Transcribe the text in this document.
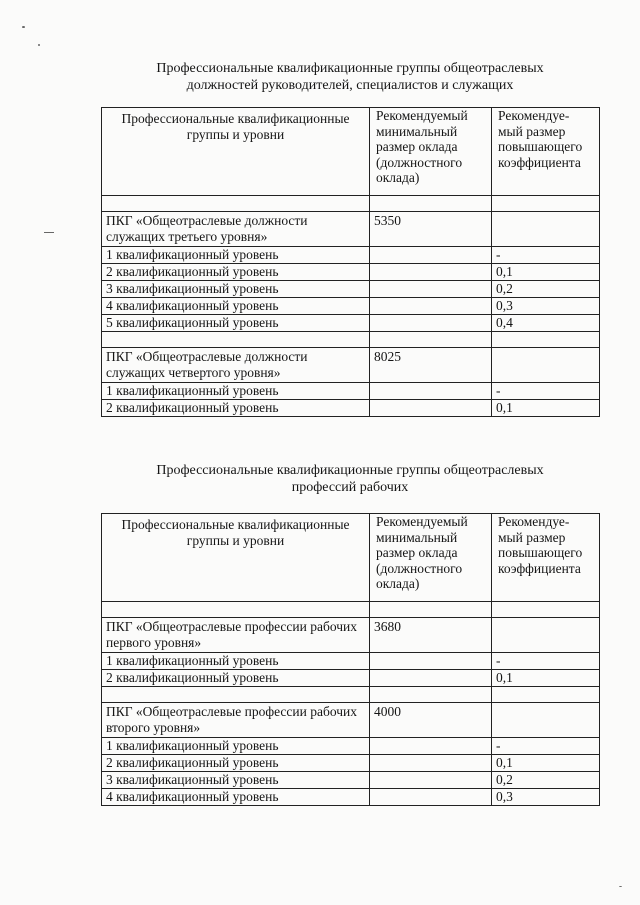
Профессиональные квалификационные группы общеотраслевых
должностей руководителей, специалистов и служащих
Профессиональные квалификационные группы и уровни	Рекомендуемый минимальный размер оклада (должностного оклада)	Рекомендуе- мый размер повышающего коэффициента

ПКГ «Общеотраслевые должности служащих третьего уровня»	5350	
1 квалификационный уровень		-
2 квалификационный уровень		0,1
3 квалификационный уровень		0,2
4 квалификационный уровень		0,3
5 квалификационный уровень		0,4

ПКГ «Общеотраслевые должности служащих четвертого уровня»	8025	
1 квалификационный уровень		-
2 квалификационный уровень		0,1
Профессиональные квалификационные группы общеотраслевых
профессий рабочих
Профессиональные квалификационные группы и уровни	Рекомендуемый минимальный размер оклада (должностного оклада)	Рекомендуе- мый размер повышающего коэффициента

ПКГ «Общеотраслевые профессии рабочих первого уровня»	3680	
1 квалификационный уровень		-
2 квалификационный уровень		0,1

ПКГ «Общеотраслевые профессии рабочих второго уровня»	4000	
1 квалификационный уровень		-
2 квалификационный уровень		0,1
3 квалификационный уровень		0,2
4 квалификационный уровень		0,3
